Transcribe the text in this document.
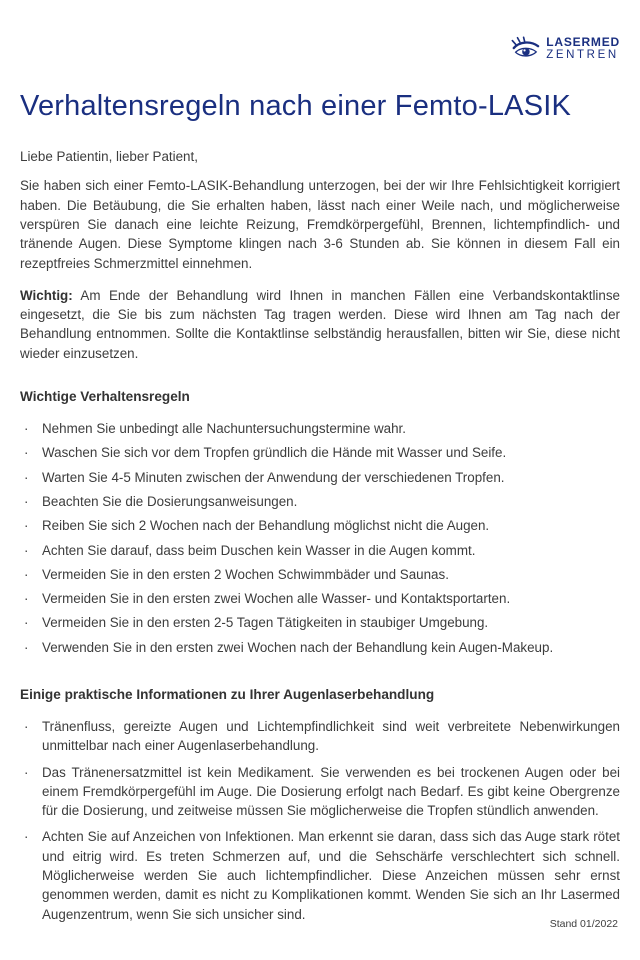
LASERMED
ZENTREN
Verhaltensregeln nach einer Femto-LASIK

Liebe Patientin, lieber Patient,

Sie haben sich einer Femto-LASIK-Behandlung unterzogen, bei der wir Ihre Fehlsichtigkeit korrigiert haben. Die Betäubung, die Sie erhalten haben, lässt nach einer Weile nach, und möglicherweise verspüren Sie danach eine leichte Reizung, Fremdkörpergefühl, Brennen, lichtempfindlich- und tränende Augen. Diese Symptome klingen nach 3-6 Stunden ab. Sie können in diesem Fall ein rezeptfreies Schmerzmittel einnehmen.

Wichtig: Am Ende der Behandlung wird Ihnen in manchen Fällen eine Verbandskontaktlinse eingesetzt, die Sie bis zum nächsten Tag tragen werden. Diese wird Ihnen am Tag nach der Behandlung entnommen. Sollte die Kontaktlinse selbständig herausfallen, bitten wir Sie, diese nicht wieder einzusetzen.

Wichtige Verhaltensregeln
·	Nehmen Sie unbedingt alle Nachuntersuchungstermine wahr.
·	Waschen Sie sich vor dem Tropfen gründlich die Hände mit Wasser und Seife.
·	Warten Sie 4-5 Minuten zwischen der Anwendung der verschiedenen Tropfen.
·	Beachten Sie die Dosierungsanweisungen.
·	Reiben Sie sich 2 Wochen nach der Behandlung möglichst nicht die Augen.
·	Achten Sie darauf, dass beim Duschen kein Wasser in die Augen kommt.
·	Vermeiden Sie in den ersten 2 Wochen Schwimmbäder und Saunas.
·	Vermeiden Sie in den ersten zwei Wochen alle Wasser- und Kontaktsportarten.
·	Vermeiden Sie in den ersten 2-5 Tagen Tätigkeiten in staubiger Umgebung.
·	Verwenden Sie in den ersten zwei Wochen nach der Behandlung kein Augen-Makeup.
Einige praktische Informationen zu Ihrer Augenlaserbehandlung
·	Tränenfluss, gereizte Augen und Lichtempfindlichkeit sind weit verbreitete Nebenwirkungen unmittelbar nach einer Augenlaserbehandlung.
·	Das Tränenersatzmittel ist kein Medikament. Sie verwenden es bei trockenen Augen oder bei einem Fremdkörpergefühl im Auge. Die Dosierung erfolgt nach Bedarf. Es gibt keine Obergrenze für die Dosierung, und zeitweise müssen Sie möglicherweise die Tropfen stündlich anwenden.
·	Achten Sie auf Anzeichen von Infektionen. Man erkennt sie daran, dass sich das Auge stark rötet und eitrig wird. Es treten Schmerzen auf, und die Sehschärfe verschlechtert sich schnell. Möglicherweise werden Sie auch lichtempfindlicher. Diese Anzeichen müssen sehr ernst genommen werden, damit es nicht zu Komplikationen kommt. Wenden Sie sich an Ihr Lasermed Augenzentrum, wenn Sie sich unsicher sind.
Stand 01/2022
